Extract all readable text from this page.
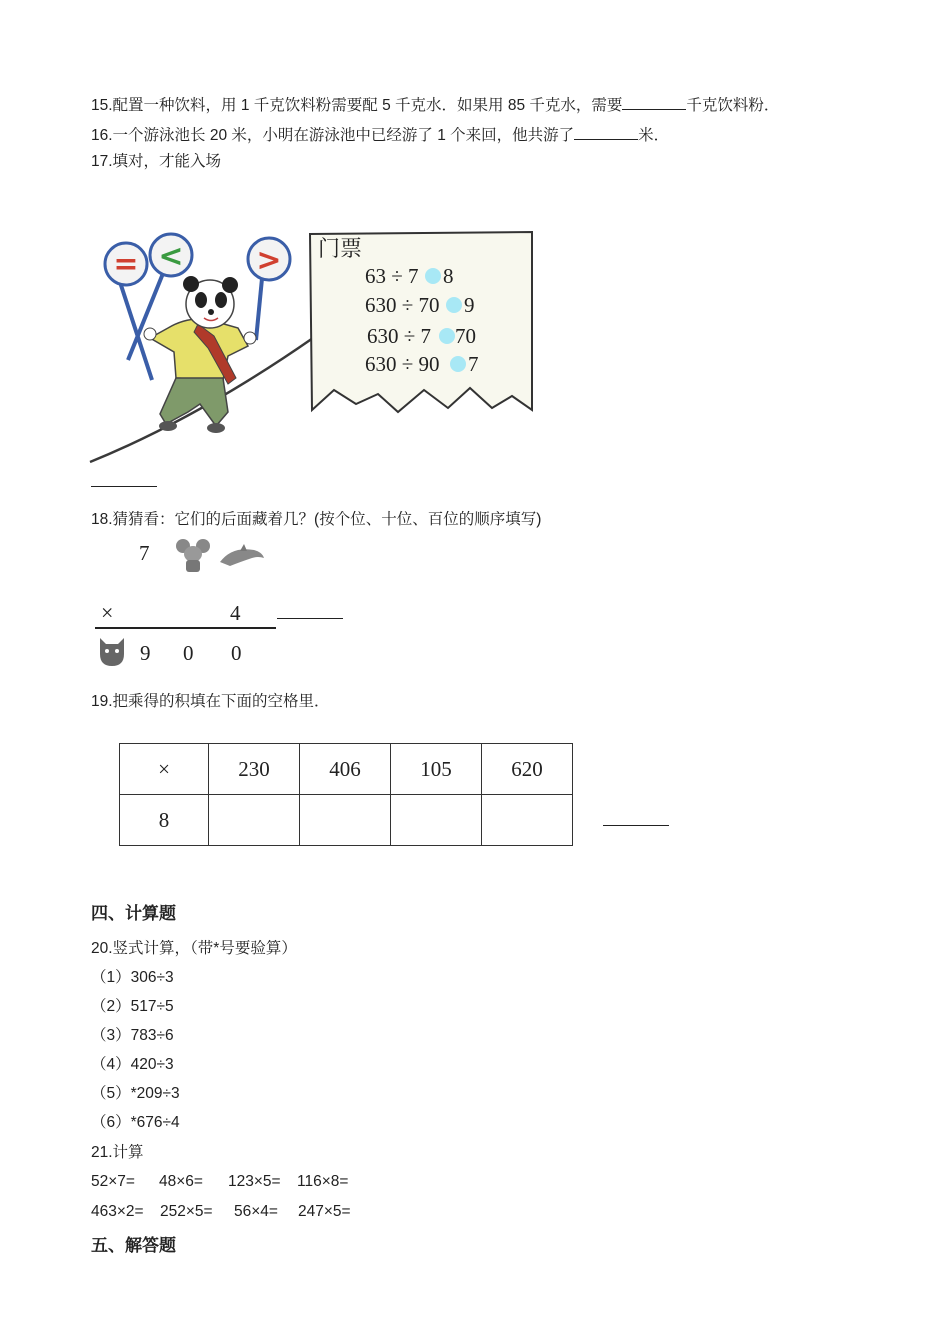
15.配置一种饮料，用 1 千克饮料粉需要配 5 千克水．如果用 85 千克水，需要	千克饮料粉．
16.一个游泳池长 20 米，小明在游泳池中已经游了 1 个来回，他共游了	米．
17.填对，才能入场
= < > 门票
63 ÷ 7 8
630 ÷ 70 9
630 ÷ 7 70
630 ÷ 90 7
18.猜猜看：它们的后面藏着几？(按个位、十位、百位的顺序填写)
7
×	4
9 0 0
19.把乘得的积填在下面的空格里．
×	230	406	105	620
8				
四、计算题
20.竖式计算，（带*号要验算）
（1）306÷3
（2）517÷5
（3）783÷6
（4）420÷3
（5）*209÷3
（6）*676÷4
21.计算
52×7= 48×6= 123×5= 116×8=
463×2= 252×5= 56×4= 247×5=
五、解答题
